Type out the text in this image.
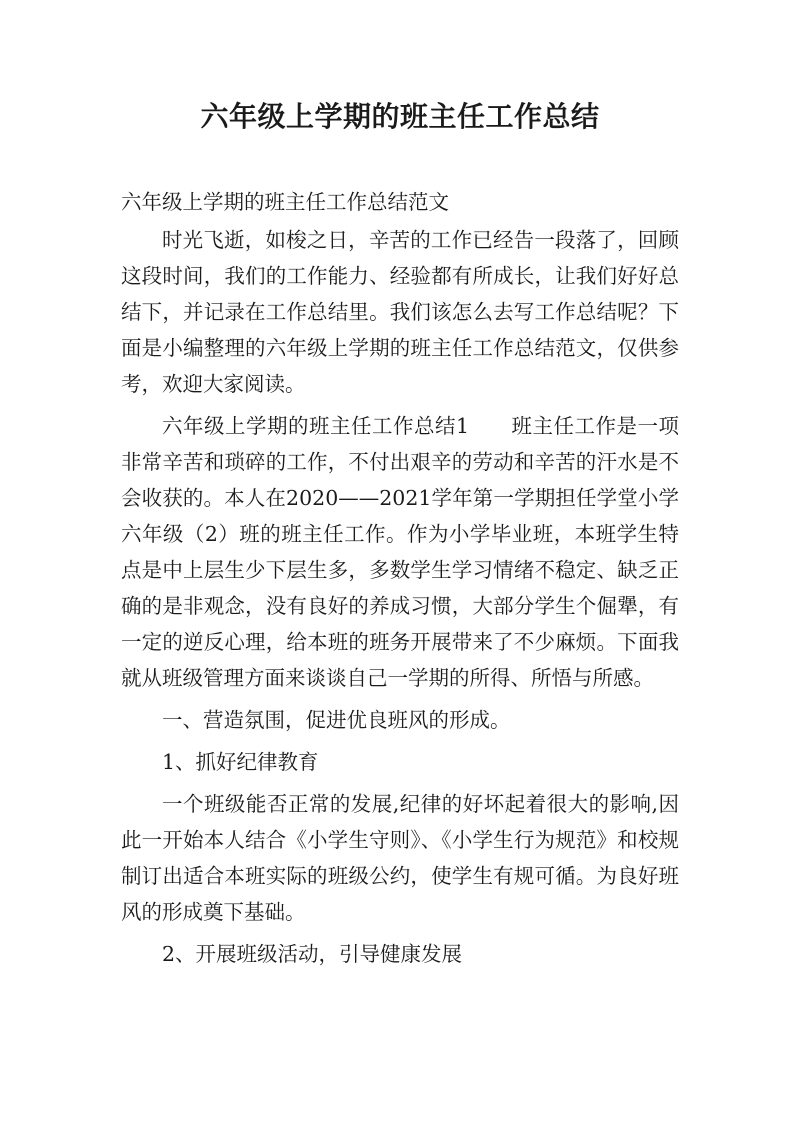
六年级上学期的班主任工作总结

六年级上学期的班主任工作总结范文

时光飞逝，如梭之日，辛苦的工作已经告一段落了，回顾这段时间，我们的工作能力、经验都有所成长，让我们好好总结下，并记录在工作总结里。我们该怎么去写工作总结呢？下面是小编整理的六年级上学期的班主任工作总结范文，仅供参考，欢迎大家阅读。

六年级上学期的班主任工作总结1　　班主任工作是一项非常辛苦和琐碎的工作，不付出艰辛的劳动和辛苦的汗水是不会收获的。本人在2020——2021学年第一学期担任学堂小学六年级（2）班的班主任工作。作为小学毕业班，本班学生特点是中上层生少下层生多，多数学生学习情绪不稳定、缺乏正确的是非观念，没有良好的养成习惯，大部分学生个倔犟，有一定的逆反心理，给本班的班务开展带来了不少麻烦。下面我就从班级管理方面来谈谈自己一学期的所得、所悟与所感。

一、营造氛围，促进优良班风的形成。

1、抓好纪律教育

一个班级能否正常的发展,纪律的好坏起着很大的影响,因此一开始本人结合《小学生守则》、《小学生行为规范》和校规制订出适合本班实际的班级公约，使学生有规可循。为良好班风的形成奠下基础。

2、开展班级活动，引导健康发展
